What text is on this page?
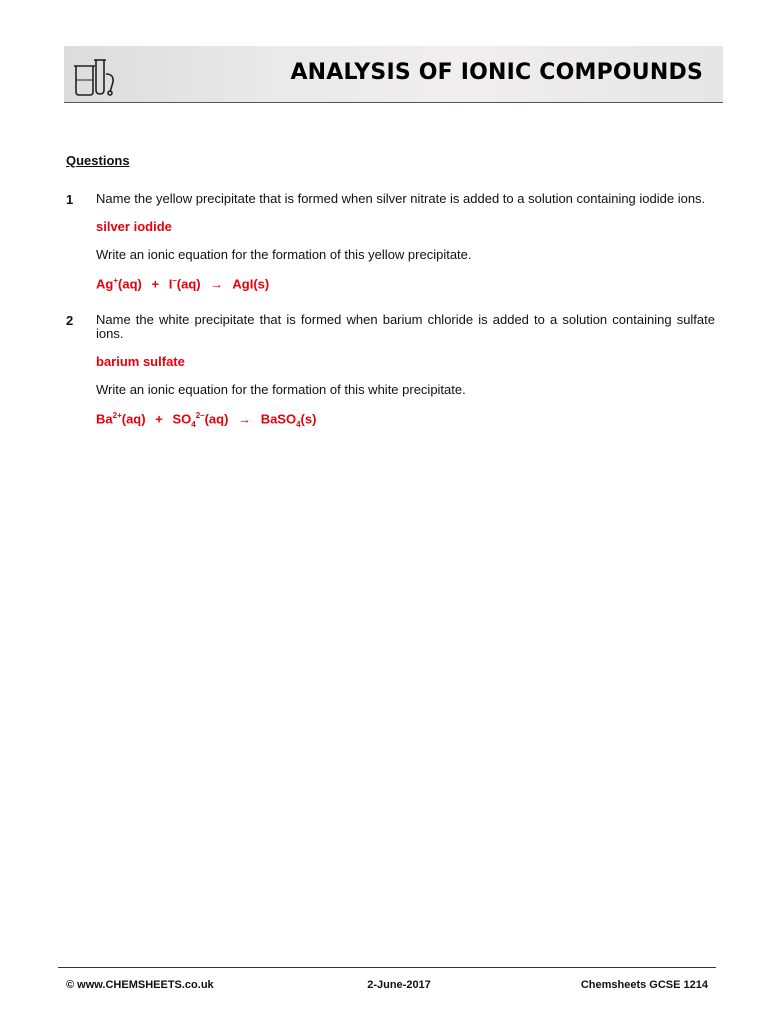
ANALYSIS OF IONIC COMPOUNDS
Questions
1 Name the yellow precipitate that is formed when silver nitrate is added to a solution containing iodide ions.
silver iodide
Write an ionic equation for the formation of this yellow precipitate.
Ag+(aq) + I–(aq) → AgI(s)
2 Name the white precipitate that is formed when barium chloride is added to a solution containing sulfate ions.
barium sulfate
Write an ionic equation for the formation of this white precipitate.
$Ba^{2+}(aq) + SO_4^{2-}(aq)$ → BaSO$_4$(s)
© www.CHEMSHEETS.co.uk	2-June-2017	Chemsheets GCSE 1214
